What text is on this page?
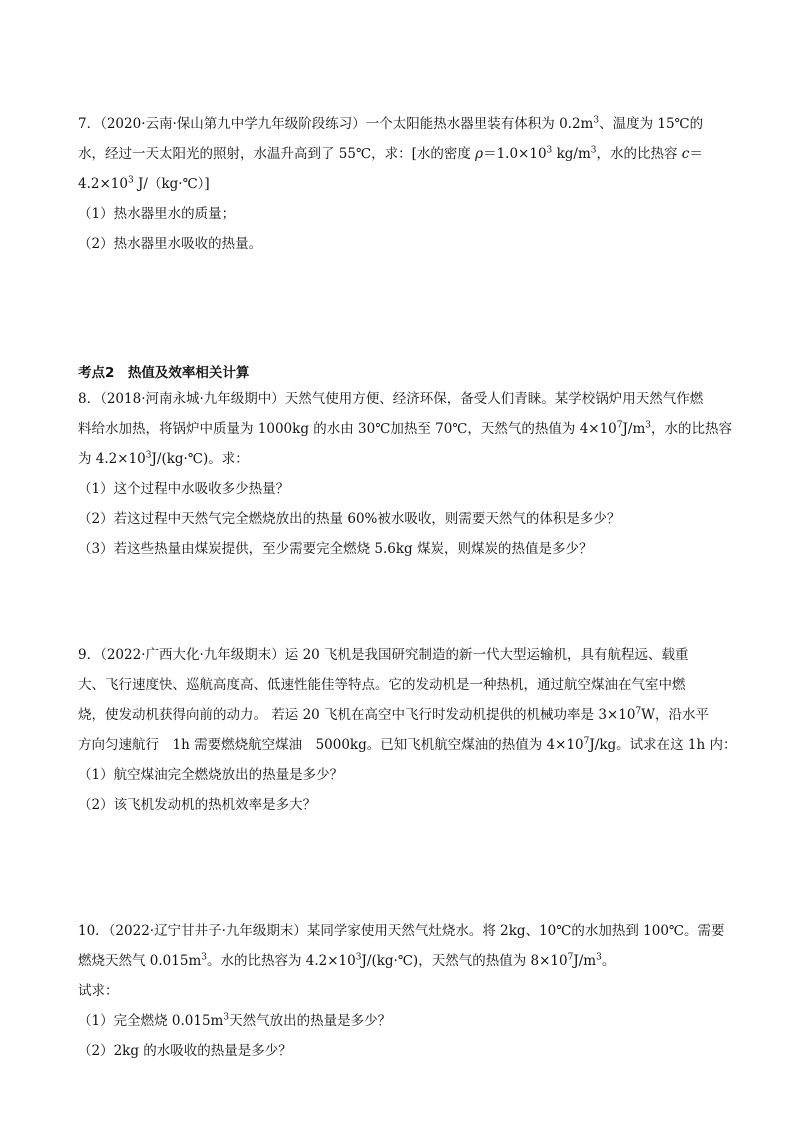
7．（2020·云南·保山第九中学九年级阶段练习）一个太阳能热水器里装有体积为 $0.2m^3$、温度为 15℃的
水，经过一天太阳光的照射，水温升高到了 55℃，求：[水的密度 $\rho=1.0\times 10^3$ $kg/m^3$，水的比热容 c＝
$4.2\times 10^3$ J/（kg·℃）]
（1）热水器里水的质量；
（2）热水器里水吸收的热量。
考点2　热值及效率相关计算
8．（2018·河南永城·九年级期中）天然气使用方便、经济环保，备受人们青睐。某学校锅炉用天然气作燃
料给水加热，将锅炉中质量为 1000kg 的水由 30℃加热至 70℃，天然气的热值为 $4\times 10^7J/m^3$，水的比热容
为 $4.2\times 10^3J/(kg\cdot℃)$。求：
（1）这个过程中水吸收多少热量？
（2）若这过程中天然气完全燃烧放出的热量 60%被水吸收，则需要天然气的体积是多少？
（3）若这些热量由煤炭提供，至少需要完全燃烧 5.6kg 煤炭，则煤炭的热值是多少？
9．（2022·广西大化·九年级期末）运 20 飞机是我国研究制造的新一代大型运输机，具有航程远、载重
大、飞行速度快、巡航高度高、低速性能佳等特点。它的发动机是一种热机，通过航空煤油在气室中燃
烧，使发动机获得向前的动力。 若运 20 飞机在高空中飞行时发动机提供的机械功率是 $3\times 10^7W$，沿水平
方向匀速航行　1h 需要燃烧航空煤油　5000kg。已知飞机航空煤油的热值为 $4\times 10^7J/kg$。试求在这 1h 内：
（1）航空煤油完全燃烧放出的热量是多少？
（2）该飞机发动机的热机效率是多大？
10．（2022·辽宁甘井子·九年级期末）某同学家使用天然气灶烧水。将 2kg、10℃的水加热到 100℃。需要
燃烧天然气 $0.015m^3$。水的比热容为 $4.2\times 10^3J/(kg\cdot℃)$，天然气的热值为 $8\times 10^7J/m^3$。
试求：
（1）完全燃烧 $0.015m^3$天然气放出的热量是多少？
（2）2kg 的水吸收的热量是多少？
